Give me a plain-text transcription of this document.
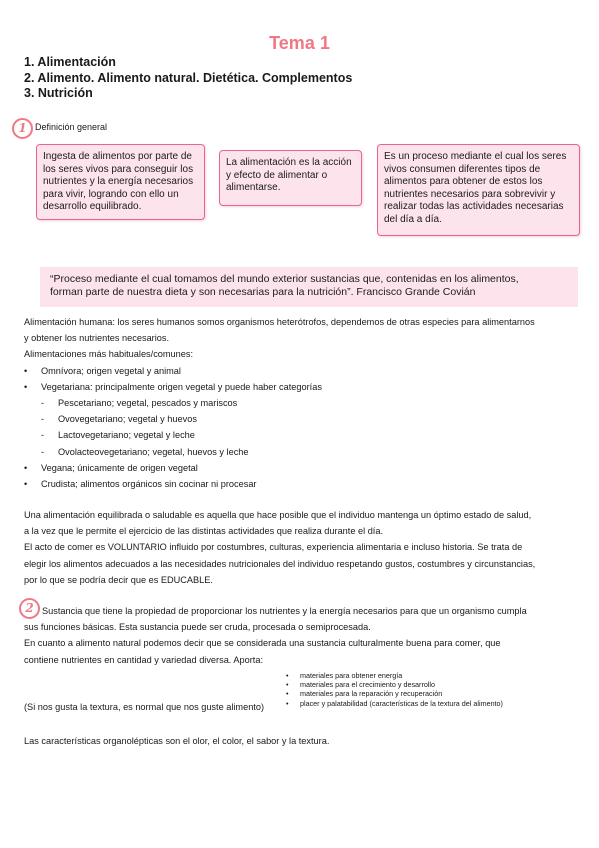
Tema 1
1. Alimentación
2. Alimento. Alimento natural. Dietética. Complementos
3. Nutrición
1 Definición general
Ingesta de alimentos por parte de los seres vivos para conseguir los nutrientes y la energía necesarios para vivir, logrando con ello un desarrollo equilibrado.
La alimentación es la acción y efecto de alimentar o alimentarse.
Es un proceso mediante el cual los seres vivos consumen diferentes tipos de alimentos para obtener de estos los nutrientes necesarios para sobrevivir y realizar todas las actividades necesarias del día a día.
“Proceso mediante el cual tomamos del mundo exterior sustancias que, contenidas en los alimentos,
forman parte de nuestra dieta y son necesarias para la nutrición”. Francisco Grande Covián
Alimentación humana: los seres humanos somos organismos heterótrofos, dependemos de otras especies para alimentarnos
y obtener los nutrientes necesarios.
Alimentaciones más habituales/comunes:
• Omnívora; origen vegetal y animal
• Vegetariana: principalmente origen vegetal y puede haber categorías
- Pescetariano; vegetal, pescados y mariscos
- Ovovegetariano; vegetal y huevos
- Lactovegetariano; vegetal y leche
- Ovolacteovegetariano; vegetal, huevos y leche
• Vegana; únicamente de origen vegetal
• Crudista; alimentos orgánicos sin cocinar ni procesar
Una alimentación equilibrada o saludable es aquella que hace posible que el individuo mantenga un óptimo estado de salud,
a la vez que le permite el ejercicio de las distintas actividades que realiza durante el día.
El acto de comer es VOLUNTARIO influido por costumbres, culturas, experiencia alimentaria e incluso historia. Se trata de
elegir los alimentos adecuados a las necesidades nutricionales del individuo respetando gustos, costumbres y circunstancias,
por lo que se podría decir que es EDUCABLE.
2 Sustancia que tiene la propiedad de proporcionar los nutrientes y la energía necesarios para que un organismo cumpla
sus funciones básicas. Esta sustancia puede ser cruda, procesada o semiprocesada.
En cuanto a alimento natural podemos decir que se considerada una sustancia culturalmente buena para comer, que
contiene nutrientes en cantidad y variedad diversa. Aporta:
• materiales para obtener energía
• materiales para el crecimiento y desarrollo
• materiales para la reparación y recuperación
• placer y palatabilidad (características de la textura del alimento)
(Si nos gusta la textura, es normal que nos guste alimento)
Las características organolépticas son el olor, el color, el sabor y la textura.
